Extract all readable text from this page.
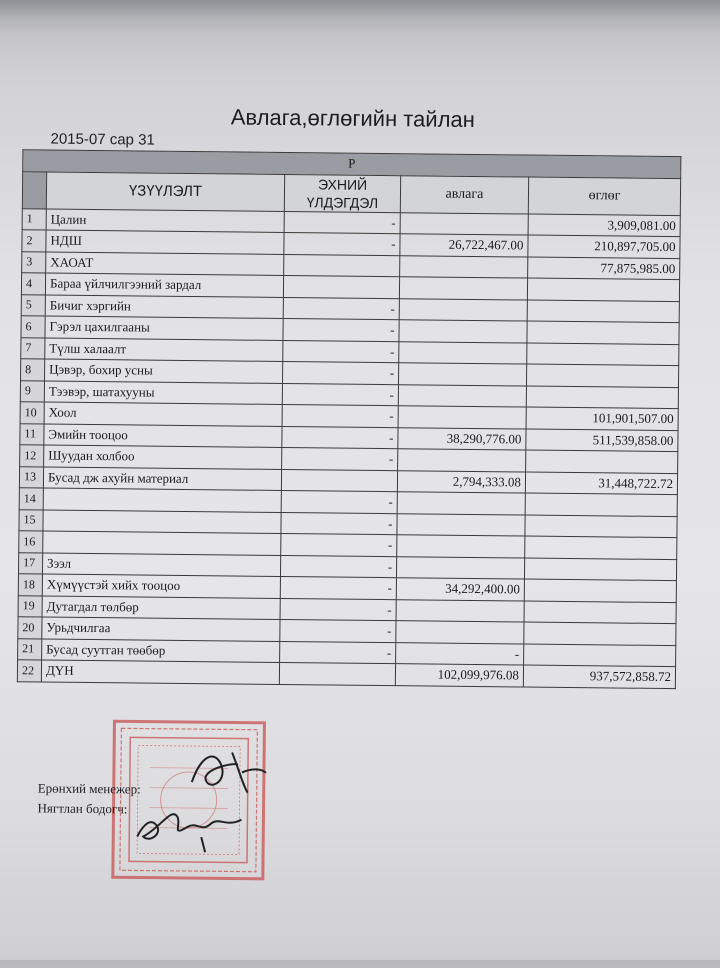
Авлага,өглөгийн тайлан
2015-07 сар 31
Р				
	ҮЗҮҮЛЭЛТ	ЭХНИЙ ҮЛДЭГДЭЛ	авлага	өглөг
1	Цалин	-		3,909,081.00
2	НДШ	-	26,722,467.00	210,897,705.00
3	ХАОАТ			77,875,985.00
4	Бараа үйлчилгээний зардал			
5	Бичиг хэргийн	-		
6	Гэрэл цахилгааны	-		
7	Түлш халаалт	-		
8	Цэвэр, бохир усны	-		
9	Тээвэр, шатахууны	-		
10	Хоол	-		101,901,507.00
11	Эмийн тооцоо	-	38,290,776.00	511,539,858.00
12	Шуудан холбоо	-		
13	Бусад дж ахуйн материал		2,794,333.08	31,448,722.72
14		-		
15		-		
16		-		
17	Зээл	-		
18	Хүмүүстэй хийх тооцоо	-	34,292,400.00	
19	Дутагдал төлбөр	-		
20	Урьдчилгаа	-		
21	Бусад суутган төөбөр	-	-	
22	ДҮН		102,099,976.08	937,572,858.72
Ерөнхий менежер:
Нягтлан бодогч:
